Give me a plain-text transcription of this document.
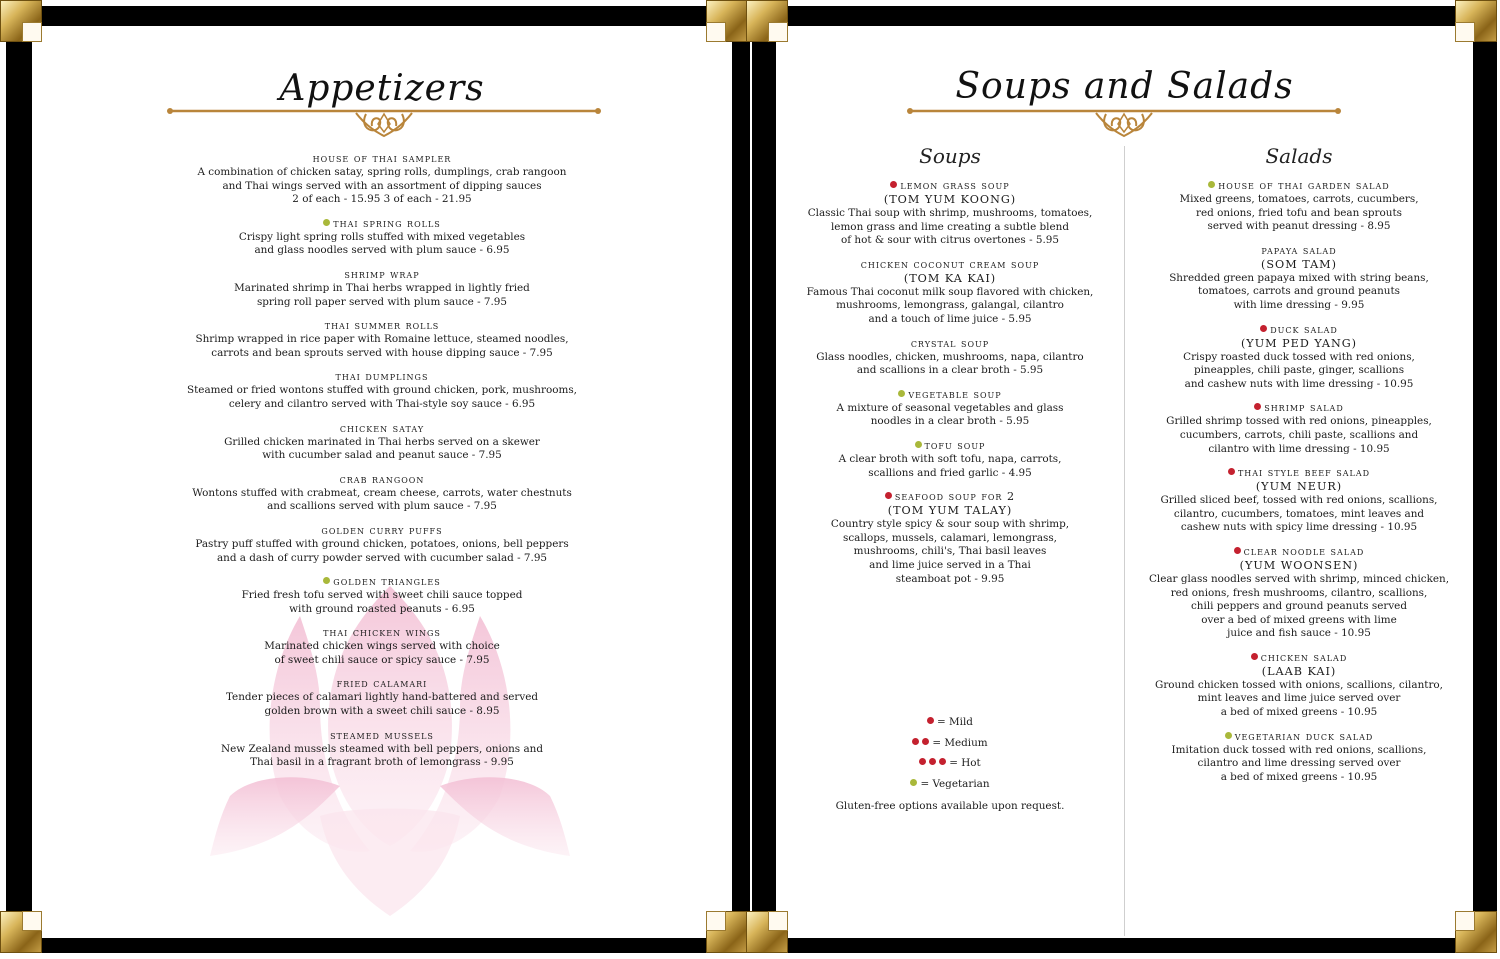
Appetizers
house of thai sampler
A combination of chicken satay, spring rolls, dumplings, crab rangoon
and Thai wings served with an assortment of dipping sauces
2 of each - 15.95 3 of each - 21.95
thai spring rolls
Crispy light spring rolls stuffed with mixed vegetables
and glass noodles served with plum sauce - 6.95
shrimp wrap
Marinated shrimp in Thai herbs wrapped in lightly fried
spring roll paper served with plum sauce - 7.95
thai summer rolls
Shrimp wrapped in rice paper with Romaine lettuce, steamed noodles,
carrots and bean sprouts served with house dipping sauce - 7.95
thai dumplings
Steamed or fried wontons stuffed with ground chicken, pork, mushrooms,
celery and cilantro served with Thai-style soy sauce - 6.95
chicken satay
Grilled chicken marinated in Thai herbs served on a skewer
with cucumber salad and peanut sauce - 7.95
crab rangoon
Wontons stuffed with crabmeat, cream cheese, carrots, water chestnuts
and scallions served with plum sauce - 7.95
golden curry puffs
Pastry puff stuffed with ground chicken, potatoes, onions, bell peppers
and a dash of curry powder served with cucumber salad - 7.95
golden triangles
Fried fresh tofu served with sweet chili sauce topped
with ground roasted peanuts - 6.95
thai chicken wings
Marinated chicken wings served with choice
of sweet chili sauce or spicy sauce - 7.95
fried calamari
Tender pieces of calamari lightly hand-battered and served
golden brown with a sweet chili sauce - 8.95
steamed mussels
New Zealand mussels steamed with bell peppers, onions and
Thai basil in a fragrant broth of lemongrass - 9.95
Soups and Salads
Soups	Salads
lemon grass soup
(TOM YUM KOONG)
Classic Thai soup with shrimp, mushrooms, tomatoes,
lemon grass and lime creating a subtle blend
of hot & sour with citrus overtones - 5.95
chicken coconut cream soup
(TOM KA KAI)
Famous Thai coconut milk soup flavored with chicken,
mushrooms, lemongrass, galangal, cilantro
and a touch of lime juice - 5.95
crystal soup
Glass noodles, chicken, mushrooms, napa, cilantro
and scallions in a clear broth - 5.95
vegetable soup
A mixture of seasonal vegetables and glass
noodles in a clear broth - 5.95
tofu soup
A clear broth with soft tofu, napa, carrots,
scallions and fried garlic - 4.95
seafood soup for 2
(TOM YUM TALAY)
Country style spicy & sour soup with shrimp,
scallops, mussels, calamari, lemongrass,
mushrooms, chili's, Thai basil leaves
and lime juice served in a Thai
steamboat pot - 9.95
house of thai garden salad
Mixed greens, tomatoes, carrots, cucumbers,
red onions, fried tofu and bean sprouts
served with peanut dressing - 8.95
papaya salad
(SOM TAM)
Shredded green papaya mixed with string beans,
tomatoes, carrots and ground peanuts
with lime dressing - 9.95
duck salad
(YUM PED YANG)
Crispy roasted duck tossed with red onions,
pineapples, chili paste, ginger, scallions
and cashew nuts with lime dressing - 10.95
shrimp salad
Grilled shrimp tossed with red onions, pineapples,
cucumbers, carrots, chili paste, scallions and
cilantro with lime dressing - 10.95
thai style beef salad
(YUM NEUR)
Grilled sliced beef, tossed with red onions, scallions,
cilantro, cucumbers, tomatoes, mint leaves and
cashew nuts with spicy lime dressing - 10.95
clear noodle salad
(YUM WOONSEN)
Clear glass noodles served with shrimp, minced chicken,
red onions, fresh mushrooms, cilantro, scallions,
chili peppers and ground peanuts served
over a bed of mixed greens with lime
juice and fish sauce - 10.95
chicken salad
(LAAB KAI)
Ground chicken tossed with onions, scallions, cilantro,
mint leaves and lime juice served over
a bed of mixed greens - 10.95
vegetarian duck salad
Imitation duck tossed with red onions, scallions,
cilantro and lime dressing served over
a bed of mixed greens - 10.95
= Mild
= Medium
= Hot
= Vegetarian
Gluten-free options available upon request.
